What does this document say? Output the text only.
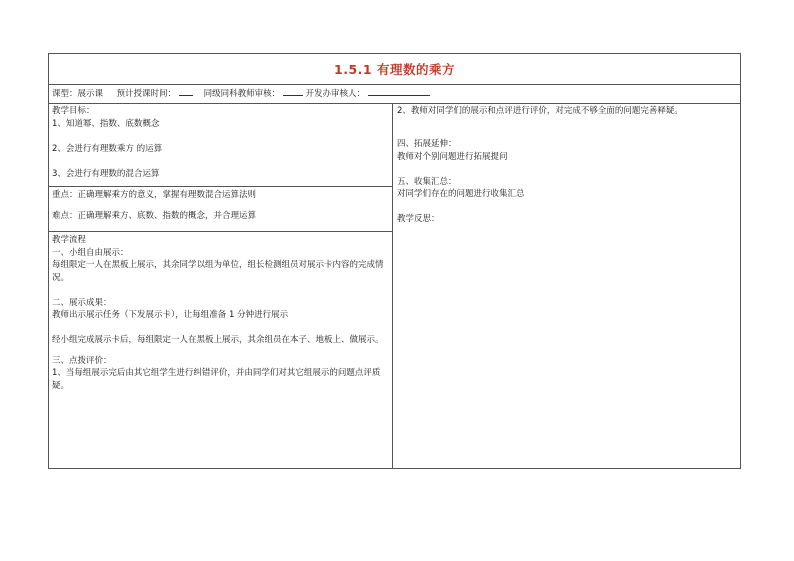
1.5.1 有理数的乘方
课型：展示课 预计授课时间：	同级同科教师审核：	开发办审核人：
教学目标：
1、知道幂、指数、底数概念
2、会进行有理数乘方 的运算
3、会进行有理数的混合运算
重点：正确理解乘方的意义，掌握有理数混合运算法则
难点：正确理解乘方、底数、指数的概念，并合理运算
教学流程
一、小组自由展示：
每组限定一人在黑板上展示，其余同学以组为单位，组长检测组员对展示卡内容的完成情况。
二、展示成果：
教师出示展示任务（下发展示卡），让每组准备 1 分钟进行展示
经小组完成展示卡后，每组限定一人在黑板上展示，其余组员在本子、地板上、做展示。
三、点拨评价：
1、当每组展示完后由其它组学生进行纠错评价，并由同学们对其它组展示的问题点评质疑。
2、教师对同学们的展示和点评进行评价，对完成不够全面的问题完善释疑。
四、拓展延伸：
教师对个别问题进行拓展提问
五、收集汇总：
对同学们存在的问题进行收集汇总
教学反思：
